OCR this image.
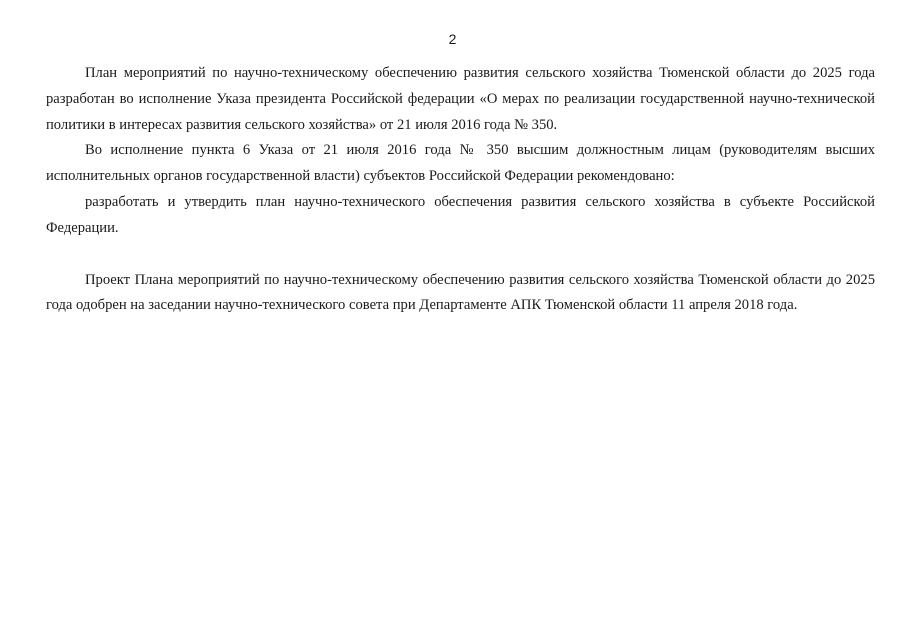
2

План мероприятий по научно-техническому обеспечению развития сельского хозяйства Тюменской области до 2025 года разработан во исполнение Указа президента Российской федерации «О мерах по реализации государственной научно-технической политики в интересах развития сельского хозяйства» от 21 июля 2016 года № 350.

Во исполнение пункта 6 Указа от 21 июля 2016 года № 350 высшим должностным лицам (руководителям высших исполнительных органов государственной власти) субъектов Российской Федерации рекомендовано:

разработать и утвердить план научно-технического обеспечения развития сельского хозяйства в субъекте Российской Федерации.

Проект Плана мероприятий по научно-техническому обеспечению развития сельского хозяйства Тюменской области до 2025 года одобрен на заседании научно-технического совета при Департаменте АПК Тюменской области 11 апреля 2018 года.
